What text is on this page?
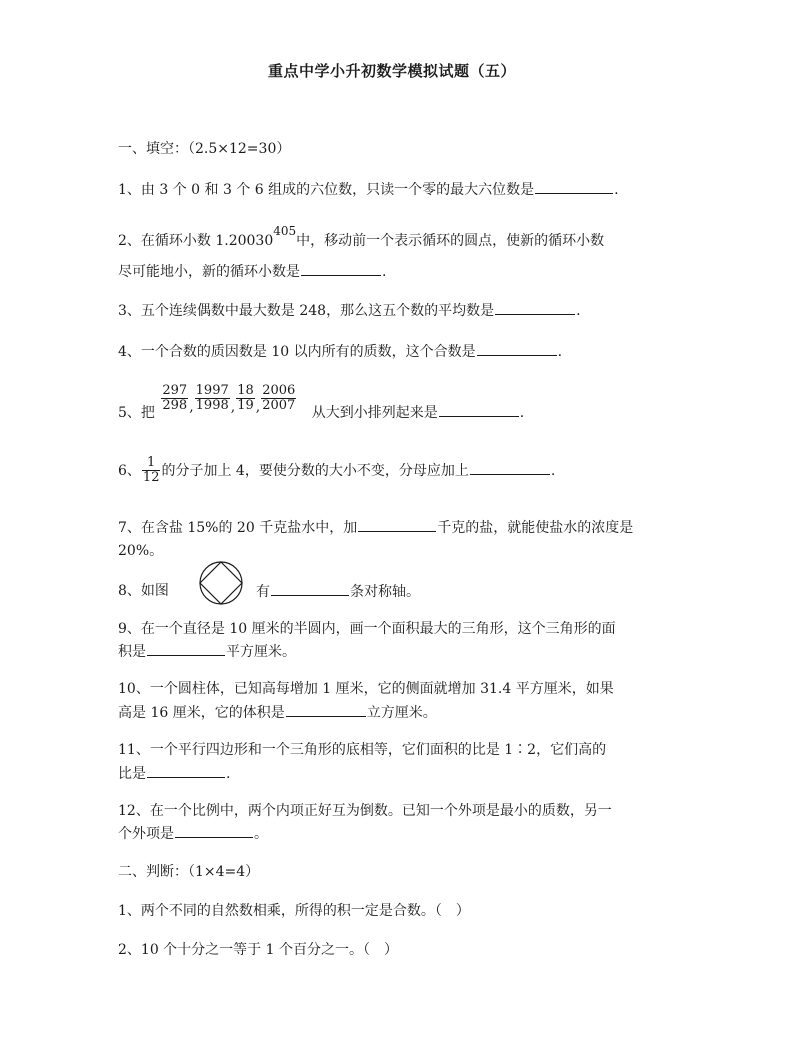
重点中学小升初数学模拟试题（五）
一、填空：（2.5×12=30）
1、由 3 个 0 和 3 个 6 组成的六位数，只读一个零的最大六位数是	.
2、在循环小数 1.20030405中，移动前一个表示循环的圆点，使新的循环小数
尽可能地小，新的循环小数是	.
3、五个连续偶数中最大数是 248，那么这五个数的平均数是	.
4、一个合数的质因数是 10 以内所有的质数，这个合数是	.
5、把 $\frac{297}{298}$ , $\frac{1997}{1998}$ , $\frac{18}{19}$ , $\frac{2006}{2007}$ 从大到小排列起来是	.
6、 $\frac{1}{12}$ 的分子加上 4，要使分数的大小不变，分母应加上	.
7、在含盐 15%的 20 千克盐水中，加	千克的盐，就能使盐水的浓度是
20%。
8、如图	有	条对称轴。
9、在一个直径是 10 厘米的半圆内，画一个面积最大的三角形，这个三角形的面
积是	平方厘米。
10、一个圆柱体，已知高每增加 1 厘米，它的侧面就增加 31.4 平方厘米，如果
高是 16 厘米，它的体积是	立方厘米。
11、一个平行四边形和一个三角形的底相等，它们面积的比是 1∶2，它们高的
比是	.
12、在一个比例中，两个内项正好互为倒数。已知一个外项是最小的质数，另一
个外项是	。
二、判断：（1×4=4）
1、两个不同的自然数相乘，所得的积一定是合数。（　）
2、10 个十分之一等于 1 个百分之一。（　）
